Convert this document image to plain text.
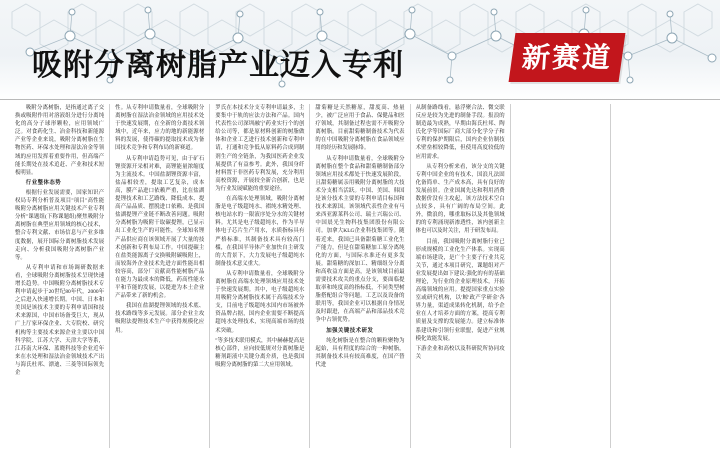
吸附分离树脂产业迈入专利	新赛道

吸附分离树脂，是指通过离子交换或吸附作用对溶液组分进行分离纯化的高分子球形颗粒，应用领域广泛。对食药化生、冶金科技和新能源产业等企业来说，吸附分离树脂在生物医药、环保水处理和湿法冶金等领域的应用发挥着重要作用，但高端产能长期处在技术追赶、产业和技术短板明显。

行业整体态势

根据行业发展需要，国家知识产权局专利分析普及项目"项目"高性能吸附分离树脂应用关键技术产业专利分析"课题组(下称课题组)聚焦吸附分离树脂在典型应用领域的核心技术，整合专利文献、市场信息与产业多维度数据，展开国际分离树脂技术发展走向、分析我国吸附分离树脂产业等。

从专利申请和市场调研数据来看，全球吸附分离树脂技术呈现快速增长趋势。中国吸附分离树脂技术专利申请起步于20世纪80年代，2000年之后进入快速增长期。中国、日本和美国是该技术主要的专利申请国和技术来源国，中国市场备受巨大，现从广上厅家环保企业、大专院校、研究机构等主要技术来源企业主要以中国科学院、江苏大学、天津大学等系，江苏南大环保、蓝晓科技等企业近年来在水处理和湿法冶金领域技术产出与海氏杜邦、漂迪、三菱等国际领先企

性。从专利申请数量看，全球吸附分离树脂在湿法冶金领域的应用技术处于快速发展期，在全新的分离技术领域中，近年来，应力的地的新能源材料的发展，使得碳的提取技术成为备国技术竞争和专利布局的新赛道。

从专利申请趋势可见，由于矿石锂资源开采相对难，高锂能量浓缩度为主流技术。中国盐湖锂资源丰富，盐品相较差，提取工艺复杂，成本高，膜产品进口依赖严重，比在盐湖提锂技术和工艺路线、降低成本、提高产品品质、摆脱进口依赖、是我国盐湖提锂产业链不断改善问题。吸附分离树脂为吸附干取碳提锂，已显示出工业化生产的可能性，全球知名锂产品供应商在该领域开展了大量的技术创新和专利布局工作。中国提碳主在盐类能源离子交换吸附碳吸附上，而较海外企业技术先进方面性能出相较容高，部分厂贡献高性能树脂产品在能力为最成本的降低，药高性能水平和节能的发展，以提进为本土企业产品带来了新的机会。

我国在盐湖提锂领域的技术底、技术路线等多元发展。部分企业主攻吸附法提锂技术生产中获得规模化应用。

罗氏在本技术分支专利申请最多，主要集中于轨的应法方法和产品。国内代表性公司深圳融宁药业实行个的创给公司等，都是原材料创新的树脂做体和企业工艺进行技术创新和专利申请，打通和竞争低从原料药合成到制剂生产的全链条，为我国医药企业发展提供了有益参考。此外，我国身纤材料置于非医药专利发展，充分利用高校资源，开展较全新合创新，也是为行业发展赋能的重要途径。

在高端水处理领域，吸附分离树脂是电子级超纯水、褶纯水精处理、核电站水的一限液序处分水的关键材料。尤其是电子级超纯水，作为半导体电子芯片生产用水，水质指标具有严格标准，其制备技术具有较高门槛，在我国半导体产业加快自主研发的大背景下，大力发展电子级超纯水制备技术意义重大。

从专利申请数量看，全球吸附分离树脂在高端水处理领域应用技术处于快速发展期。其中，电子级超纯水用吸附分离树脂技术属于高端技术分支，目前电子级超纯水国内市场被外资品牌占据，国内企业需要不断提高超纯水处理技术，实现高端市场的技术突破。

"等多技术联用模式，其中赫赫提高是核心部件，应向较低规对分离树脂是糖剂距液中关键分离介质，也是我国吸附分离树脂的第二大应用领域。

甜菊糖是天然糖原，甜度高、热量少，被广泛应用于食品、保健品和医疗领域，其制备过程也需不开吸附分离树脂。目前甜菊糖制备技术为代表的在中国吸附分离树脂在食品领域应用的经历和发展脉络。

从专利申请数量看，全球吸附分离树脂在整个食品和甜菊糖制备部分领域应用技术都处于快速发展阶段，且甜菊糖属亲用吸附分离树脂的大技术分支相当活跃。中国、美国、韩国是该分技术主要的专利申请目标国和技术来源国。该领域代表性企业有马来西亚源莱科公司、瑞士兴瑞公司、中国晨光生物科技集团股份有限公司。加拿大KLG企业科技集团等。随着近来，我国已具备甜菊糖工业化生产能力，但是在甜菊糖加工原分离纯化的方面，与国际水准还有更多发展。甜菊糖的深加工、精细组分分离和高收益方面是高，是该领域目前最需要技术攻关的重点分支，要面临提取率和纯度高的指标低，不同类型树脂搭配组合等问题。工艺以及设备的联用等，我国企业可以根据自身情况及时跟进，在高端产品和部品技术竞争中占领优势。

加强关键技术研发

纯化树脂是在整合的颗粒聚物为起始，具有程度的综合的一种树脂，其制备技术具有较高难度，在国产替代进

从制备路线看，悬浮聚合法、微交联反应是较为先进的制备手段。报浪的制造最为成熟，早期由海氏杜邦、陶氏化学等国际厂商大部分化学分子和专利的保护期限后，国内企业仿制技术壁垒相较降低，但使用高度较低的应用需求。

从专利分析来看，该分支的关键专利中国企业的有技术，国浪凡法固化备简单、生产成本高，具有良好的发展前景。企业国属先达和利用消费数据价没有主攻起，该方法技术空白点较多，具有广阔的布局空间。此外，微浪的，哪重取标以及其他领域的的专利涌现新渗透性，该内创新主体也可以及时关注，用于研发布局。

目前，我国吸附分离树脂行业已形成规模的工业化生产体系。实现高端市场建设，是广个主要子行业共克关节，通过本项目研究，课题组对产业发展提出如下建议:强化的有的基础理论，为行业的企业原理技术，开拓高端领域的应用。提提国家重点实验室或研究机构，以'鲸'政产学研金'各界力量，渠道成果转化机制，给予企业在人才培养方面的方案，提高专利质量及支撑的发展能力。建立标准体系建设和引领行业联盟，促进产业规模化效能发展。

下游企业和高校以及科研院所协同攻关
